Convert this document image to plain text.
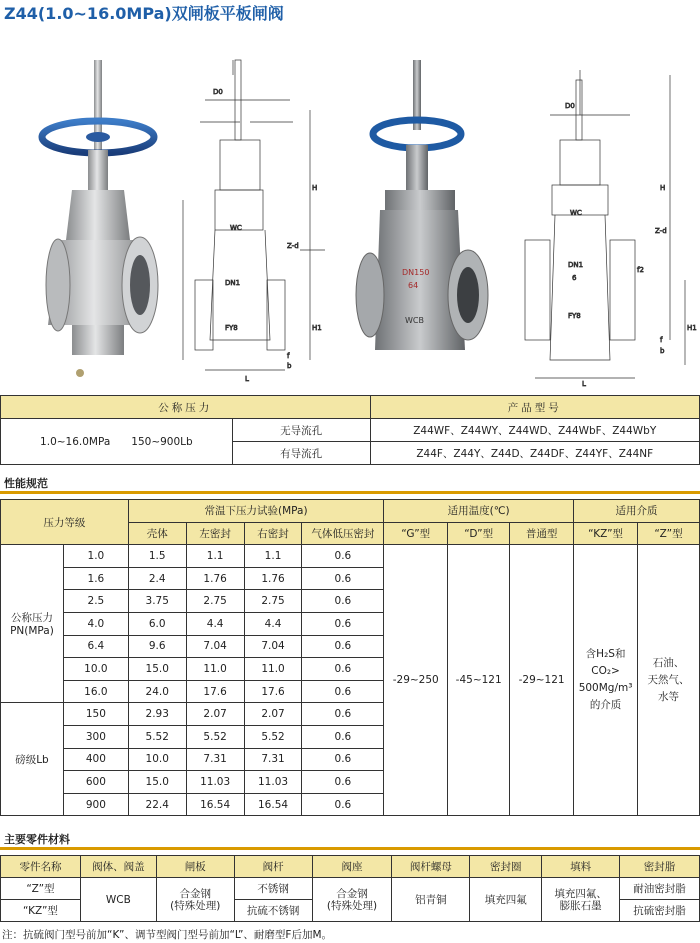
Z44(1.0~16.0MPa)双闸板平板闸阀
D0
H
WC
Z-d
DN1
FY8	H1
f
b
L
DN150
64
WCB
D0
H
WC
Z-d
DN1
6
f2
FY8
H1
f
b
L
公称压力		产品型号
1.0~16.0MPa　　150~900Lb	无导流孔	Z44WF、Z44WY、Z44WD、Z44WbF、Z44WbY
	有导流孔	Z44F、Z44Y、Z44D、Z44DF、Z44YF、Z44NF
性能规范
压力等级		常温下压力试验(MPa)				适用温度(℃)			适用介质	
		壳体	左密封	右密封	气体低压密封	“G”型	“D”型	普通型	“KZ”型	“Z”型
公称压力
PN(MPa)	1.0	1.5	1.1	1.1	0.6	-29~250	-45~121	-29~121	含H₂S和
CO₂>
500Mg/m³
的介质	石油、
天然气、
水等
	1.6	2.4	1.76	1.76	0.6					
	2.5	3.75	2.75	2.75	0.6					
	4.0	6.0	4.4	4.4	0.6					
	6.4	9.6	7.04	7.04	0.6					
	10.0	15.0	11.0	11.0	0.6					
	16.0	24.0	17.6	17.6	0.6					
磅级Lb	150	2.93	2.07	2.07	0.6					
	300	5.52	5.52	5.52	0.6					
	400	10.0	7.31	7.31	0.6					
	600	15.0	11.03	11.03	0.6					
	900	22.4	16.54	16.54	0.6					
主要零件材料
零件名称	阀体、阀盖	闸板	阀杆	阀座	阀杆螺母	密封圈	填料	密封脂
“Z”型	WCB	合金钢
(特殊处理)	不锈钢	合金钢
(特殊处理)	铝青铜	填充四氟	填充四氟、
膨胀石墨	耐油密封脂
“KZ”型			抗硫不锈钢					抗硫密封脂
注：抗硫阀门型号前加“K”、调节型阀门型号前加“L”、耐磨型F后加M。
